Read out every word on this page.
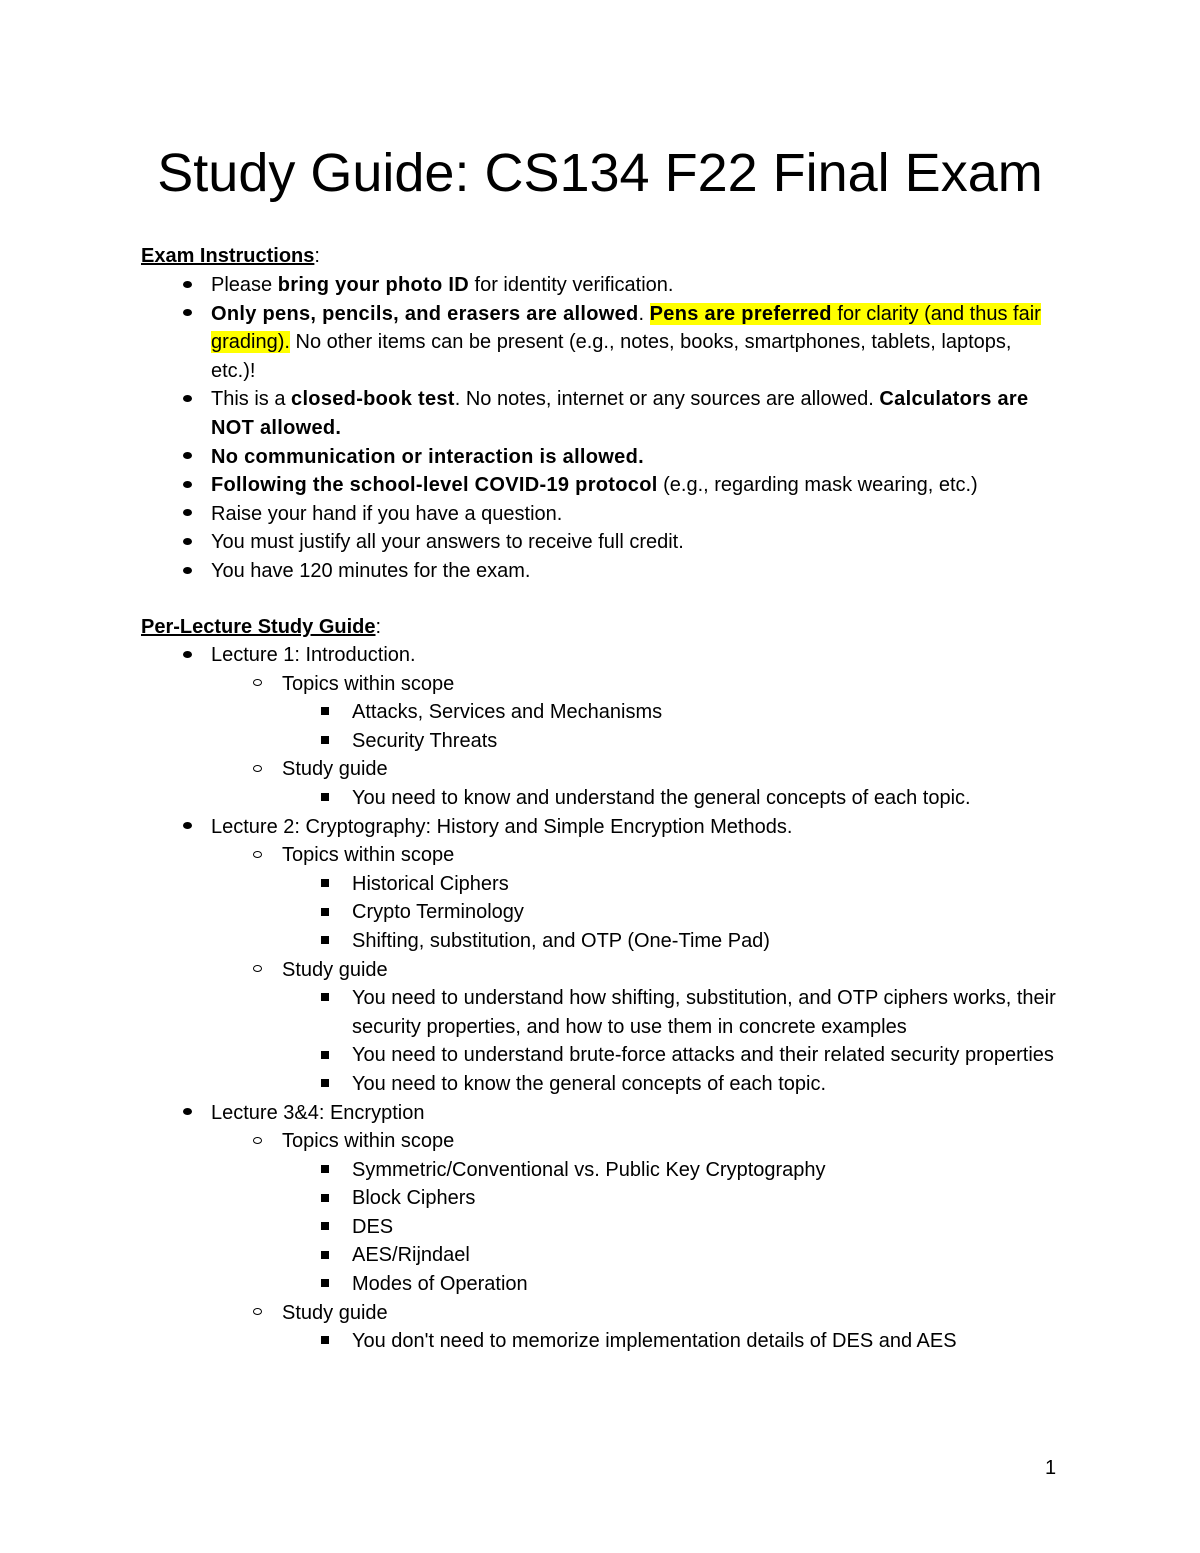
Study Guide: CS134 F22 Final Exam
Exam Instructions:
Please bring your photo ID for identity verification.
Only pens, pencils, and erasers are allowed. Pens are preferred for clarity (and thus fair grading). No other items can be present (e.g., notes, books, smartphones, tablets, laptops, etc.)!
This is a closed-book test. No notes, internet or any sources are allowed. Calculators are NOT allowed.
No communication or interaction is allowed.
Following the school-level COVID-19 protocol (e.g., regarding mask wearing, etc.)
Raise your hand if you have a question.
You must justify all your answers to receive full credit.
You have 120 minutes for the exam.
Per-Lecture Study Guide:
Lecture 1: Introduction.
Topics within scope
Attacks, Services and Mechanisms
Security Threats
Study guide
You need to know and understand the general concepts of each topic.
Lecture 2: Cryptography: History and Simple Encryption Methods.
Topics within scope
Historical Ciphers
Crypto Terminology
Shifting, substitution, and OTP (One-Time Pad)
Study guide
You need to understand how shifting, substitution, and OTP ciphers works, their security properties, and how to use them in concrete examples
You need to understand brute-force attacks and their related security properties
You need to know the general concepts of each topic.
Lecture 3&4: Encryption
Topics within scope
Symmetric/Conventional vs. Public Key Cryptography
Block Ciphers
DES
AES/Rijndael
Modes of Operation
Study guide
You don't need to memorize implementation details of DES and AES
1
